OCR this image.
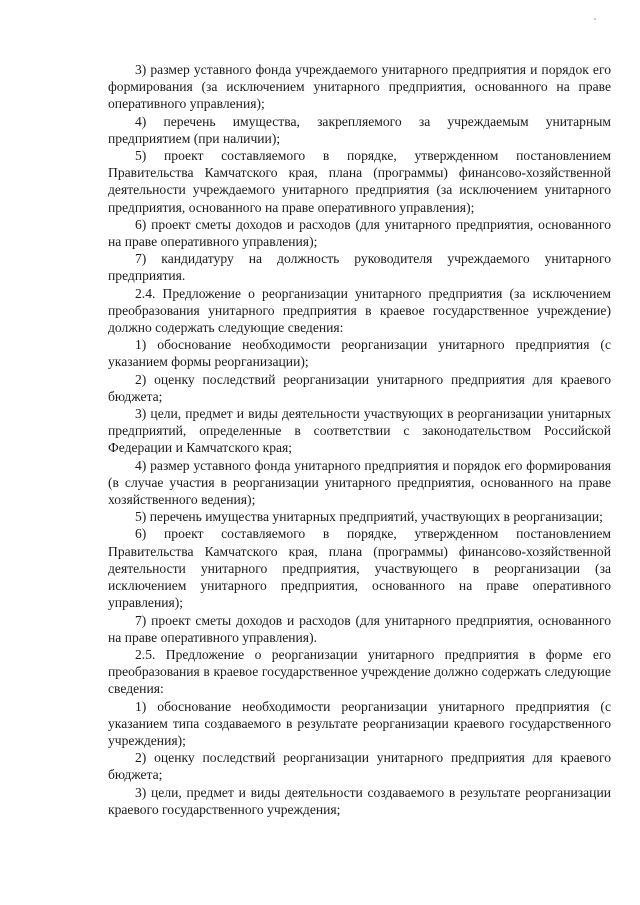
3) размер уставного фонда учреждаемого унитарного предприятия и порядок его формирования (за исключением унитарного предприятия, основанного на праве оперативного управления);

4) перечень имущества, закрепляемого за учреждаемым унитарным предприятием (при наличии);

5) проект составляемого в порядке, утвержденном постановлением Правительства Камчатского края, плана (программы) финансово-хозяйственной деятельности учреждаемого унитарного предприятия (за исключением унитарного предприятия, основанного на праве оперативного управления);

6) проект сметы доходов и расходов (для унитарного предприятия, основанного на праве оперативного управления);

7) кандидатуру на должность руководителя учреждаемого унитарного предприятия.

2.4. Предложение о реорганизации унитарного предприятия (за исключением преобразования унитарного предприятия в краевое государственное учреждение) должно содержать следующие сведения:

1) обоснование необходимости реорганизации унитарного предприятия (с указанием формы реорганизации);

2) оценку последствий реорганизации унитарного предприятия для краевого бюджета;

3) цели, предмет и виды деятельности участвующих в реорганизации унитарных предприятий, определенные в соответствии с законодательством Российской Федерации и Камчатского края;

4) размер уставного фонда унитарного предприятия и порядок его формирования (в случае участия в реорганизации унитарного предприятия, основанного на праве хозяйственного ведения);

5) перечень имущества унитарных предприятий, участвующих в реорганизации;

6) проект составляемого в порядке, утвержденном постановлением Правительства Камчатского края, плана (программы) финансово-хозяйственной деятельности унитарного предприятия, участвующего в реорганизации (за исключением унитарного предприятия, основанного на праве оперативного управления);

7) проект сметы доходов и расходов (для унитарного предприятия, основанного на праве оперативного управления).

2.5. Предложение о реорганизации унитарного предприятия в форме его преобразования в краевое государственное учреждение должно содержать следующие сведения:

1) обоснование необходимости реорганизации унитарного предприятия (с указанием типа создаваемого в результате реорганизации краевого государственного учреждения);

2) оценку последствий реорганизации унитарного предприятия для краевого бюджета;

3) цели, предмет и виды деятельности создаваемого в результате реорганизации краевого государственного учреждения;
